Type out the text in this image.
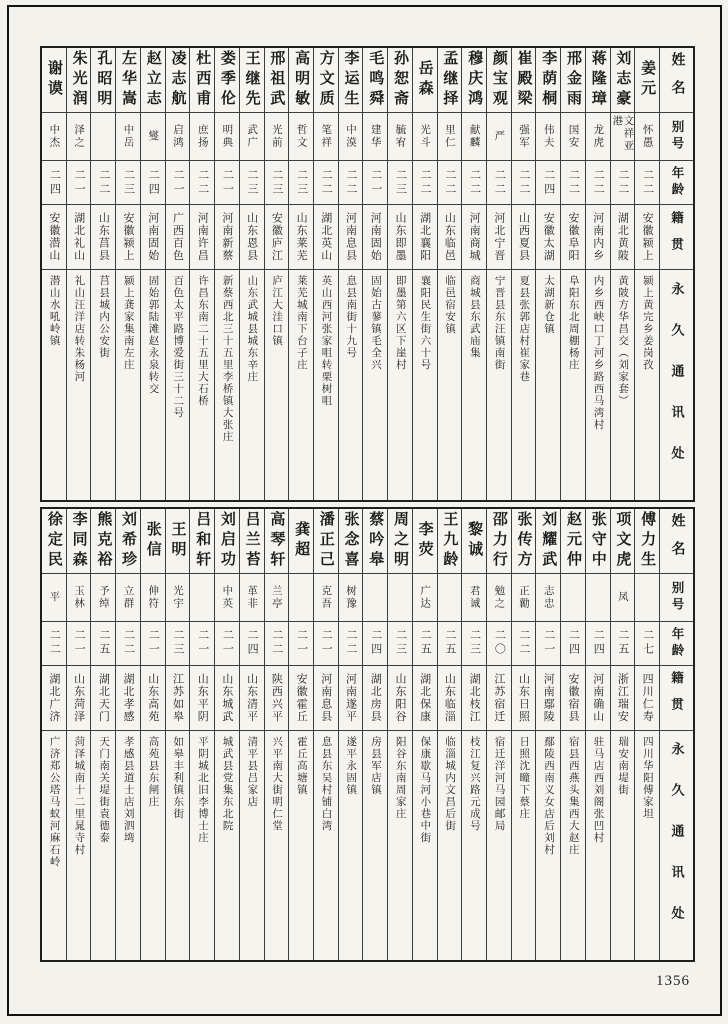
姓名
别号
年龄
籍贯
永久通讯处
姜元
怀愚
二二
安徽颍上
颍上黄完乡姜岗孜
刘志豪
文祥亚港
二二
湖北黄陂
黄陂方华昌交（刘家套）
蒋隆璋
龙虎
二二
河南内乡
内乡西峡口丁河乡路西马湾村
邢金雨
国安
二二
安徽阜阳
阜阳东北周棚杨庄
李荫桐
伟夫
二四
安徽太湖
太湖新仓镇
崔殿梁
强军
二二
山西夏县
夏县张郭店村崔家巷
颜宝观
严
二二
河北宁晋
宁晋县东汪镇南街
穆庆鸿
献麟
二二
河南商城
商城县东武庙集
孟继择
里仁
二二
山东临邑
临邑宿安镇
岳森
光斗
二二
湖北襄阳
襄阳民生街六十号
孙恕斋
毓宥
二三
山东即墨
即墨第六区下崖村
毛鸣舜
建华
二一
河南固始
固始古蓼镇毛全兴
李运生
中漠
二二
河南息县
息县南街十九号
方文质
笔祥
二二
湖北英山
英山西河张家咀转栗树咀
高明敏
哲文
二三
山东莱芜
莱芜城南下台子庄
邢祖武
光前
二三
安徽庐江
庐江大洼口镇
王继先
武广
二三
山东恩县
山东武城县城东辛庄
娄季伦
明典
二一
河南新蔡
新蔡西北三十五里李桥镇大张庄
杜西甫
庶扬
二二
河南许昌
许昌东南二十五里大石桥
凌志航
启鸿
二一
广西百色
百色太平路博爱街三十二号
赵立志
燮
二四
河南固始
固始郭陆滩赵永泉转交
左华嵩
中岳
二三
安徽颍上
颍上龚家集南左庄
孔昭明
二二
山东莒县
莒县城内公安街
朱光润
泽之
二一
湖北礼山
礼山汪洋店转朱杨河
谢谟
中杰
二四
安徽潜山
潜山水吼岭镇
姓名
别号
年龄
籍贯
永久通讯处
傅力生
二七
四川仁寿
四川华阳傅家坦
项文虎
凤
二五
浙江瑞安
瑞安南堤街
张守中
二四
河南确山
驻马店西刘阁张凹村
赵元仲
二四
安徽宿县
宿县西燕头集西大赵庄
刘耀武
志忠
二一
河南鄢陵
鄢陵西南义女店后刘村
张传方
正勷
二二
山东日照
日照沈疃下蔡庄
邵力行
勉之
二〇
江苏宿迁
宿迁洋河马园邮局
黎诚
君诚
二三
湖北枝江
枝江复兴路元成号
王九龄
二五
山东临淄
临淄城内文昌后街
李荧
广达
二五
湖北保康
保康歇马河小巷中街
周之明
二三
山东阳谷
阳谷东南周家庄
蔡吟皋
二四
湖北房县
房县军店镇
张念喜
树豫
二二
河南遂平
遂平永固镇
潘正己
克吾
二一
河南息县
息县东吴村铺白湾
龚超
二一
安徽霍丘
霍丘高塘镇
高琴轩
兰亭
二二
陕西兴平
兴平南大街明仁堂
吕兰苔
革非
二四
山东清平
清平县吕家店
刘启功
中英
二一
山东城武
城武县党集东北院
吕和轩
二一
山东平阴
平阴城北旧李博士庄
王明
光宇
二三
江苏如皋
如皋丰利镇东街
张信
伸符
二一
山东高苑
高苑县东闸庄
刘希珍
立群
二二
湖北孝感
孝感县道士店刘泗塆
熊克裕
予绰
二五
湖北天门
天门南关堤街袁德泰
李同森
玉林
二一
山东菏泽
菏泽城南十二里晁寺村
徐定民
平
二二
湖北广济
广济郑公塔马蚁河麻石岭
1356
